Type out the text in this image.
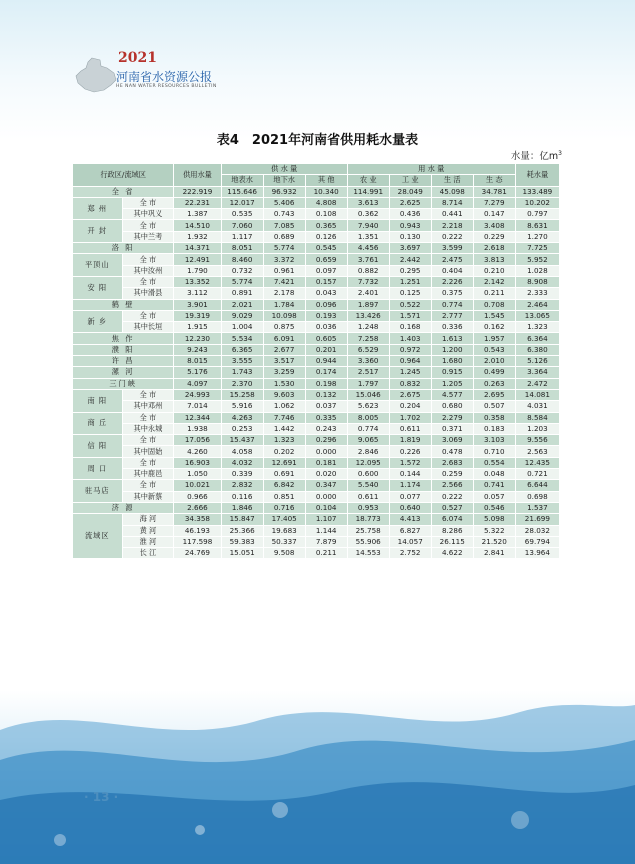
2021
河南省水资源公报
HE NAN WATER RESOURCES BULLETIN
表4　2021年河南省供用耗水量表
水量：亿$m^3$
行政区/流域区		供用水量	供 水 量			用 水 量				耗水量
			地表水	地下水	其 他	农 业	工 业	生 活	生 态	
全 省		222.919	115.646	96.932	10.340	114.991	28.049	45.098	34.781	133.489
郑 州	全 市	22.231	12.017	5.406	4.808	3.613	2.625	8.714	7.279	10.202
	其中巩义	1.387	0.535	0.743	0.108	0.362	0.436	0.441	0.147	0.797
开 封	全 市	14.510	7.060	7.085	0.365	7.940	0.943	2.218	3.408	8.631
	其中兰考	1.932	1.117	0.689	0.126	1.351	0.130	0.222	0.229	1.270
洛 阳		14.371	8.051	5.774	0.545	4.456	3.697	3.599	2.618	7.725
平顶山	全 市	12.491	8.460	3.372	0.659	3.761	2.442	2.475	3.813	5.952
	其中汝州	1.790	0.732	0.961	0.097	0.882	0.295	0.404	0.210	1.028
安 阳	全 市	13.352	5.774	7.421	0.157	7.732	1.251	2.226	2.142	8.908
	其中滑县	3.112	0.891	2.178	0.043	2.401	0.125	0.375	0.211	2.333
鹤 壁		3.901	2.021	1.784	0.096	1.897	0.522	0.774	0.708	2.464
新 乡	全 市	19.319	9.029	10.098	0.193	13.426	1.571	2.777	1.545	13.065
	其中长垣	1.915	1.004	0.875	0.036	1.248	0.168	0.336	0.162	1.323
焦 作		12.230	5.534	6.091	0.605	7.258	1.403	1.613	1.957	6.364
濮 阳		9.243	6.365	2.677	0.201	6.529	0.972	1.200	0.543	6.380
许 昌		8.015	3.555	3.517	0.944	3.360	0.964	1.680	2.010	5.126
漯 河		5.176	1.743	3.259	0.174	2.517	1.245	0.915	0.499	3.364
三门峡		4.097	2.370	1.530	0.198	1.797	0.832	1.205	0.263	2.472
南 阳	全 市	24.993	15.258	9.603	0.132	15.046	2.675	4.577	2.695	14.081
	其中邓州	7.014	5.916	1.062	0.037	5.623	0.204	0.680	0.507	4.031
商 丘	全 市	12.344	4.263	7.746	0.335	8.005	1.702	2.279	0.358	8.584
	其中永城	1.938	0.253	1.442	0.243	0.774	0.611	0.371	0.183	1.203
信 阳	全 市	17.056	15.437	1.323	0.296	9.065	1.819	3.069	3.103	9.556
	其中固始	4.260	4.058	0.202	0.000	2.846	0.226	0.478	0.710	2.563
周 口	全 市	16.903	4.032	12.691	0.181	12.095	1.572	2.683	0.554	12.435
	其中鹿邑	1.050	0.339	0.691	0.020	0.600	0.144	0.259	0.048	0.721
驻马店	全 市	10.021	2.832	6.842	0.347	5.540	1.174	2.566	0.741	6.644
	其中新蔡	0.966	0.116	0.851	0.000	0.611	0.077	0.222	0.057	0.698
济 源		2.666	1.846	0.716	0.104	0.953	0.640	0.527	0.546	1.537
流域区	海 河	34.358	15.847	17.405	1.107	18.773	4.413	6.074	5.098	21.699
	黄 河	46.193	25.366	19.683	1.144	25.758	6.827	8.286	5.322	28.032
	淮 河	117.598	59.383	50.337	7.879	55.906	14.057	26.115	21.520	69.794
	长 江	24.769	15.051	9.508	0.211	14.553	2.752	4.622	2.841	13.964
· 13 ·
